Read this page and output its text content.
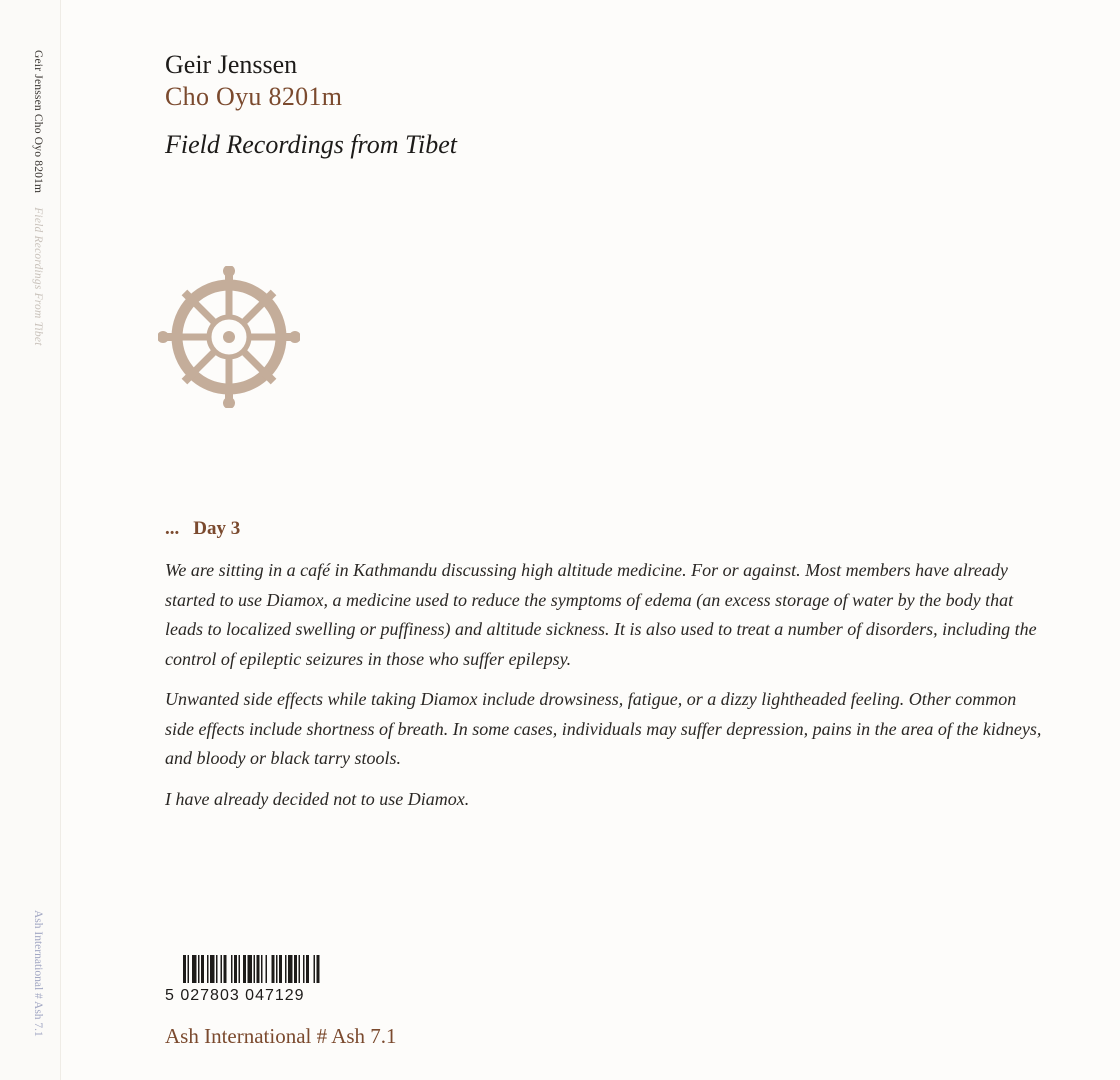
Geir Jenssen Cho Oyo 8201mField Recordings From Tibet
Ash International # Ash 7.1
Geir Jenssen
Cho Oyu 8201m
Field Recordings from Tibet
... Day 3

We are sitting in a café in Kathmandu discussing high altitude medicine. For or against. Most members have already started to use Diamox, a medicine used to reduce the symptoms of edema (an excess storage of water by the body that leads to localized swelling or puffiness) and altitude sickness. It is also used to treat a number of disorders, including the control of epileptic seizures in those who suffer epilepsy.

Unwanted side effects while taking Diamox include drowsiness, fatigue, or a dizzy lightheaded feeling. Other common side effects include shortness of breath. In some cases, individuals may suffer depression, pains in the area of the kidneys, and bloody or black tarry stools.

I have already decided not to use Diamox.

5 027803 047129
Ash International # Ash 7.1
